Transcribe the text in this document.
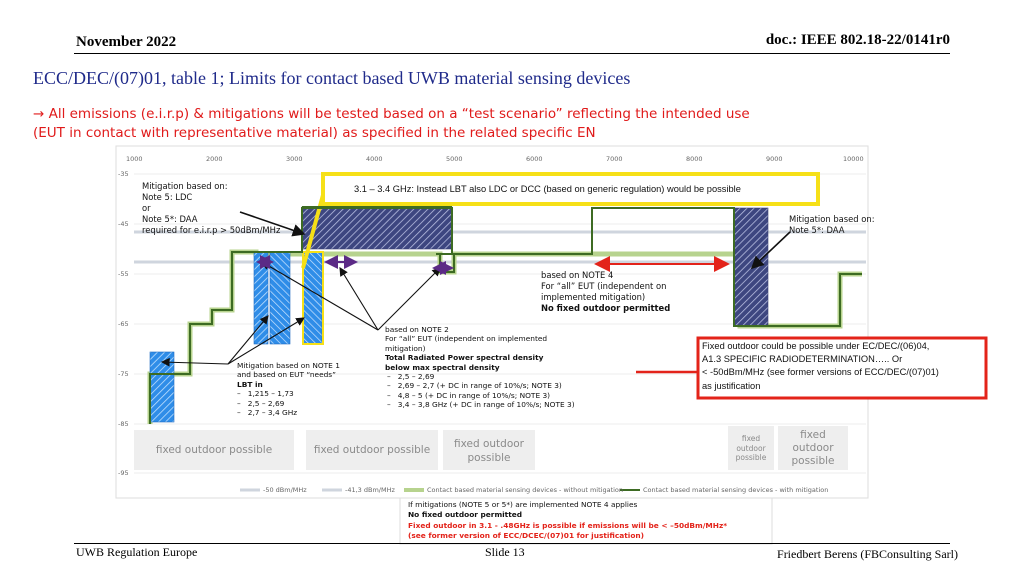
November 2022	doc.: IEEE 802.18-22/0141r0
ECC/DEC/(07)01, table 1; Limits for contact based UWB material sensing devices
→ All emissions (e.i.r.p) & mitigations will be tested based on a “test scenario” reflecting the intended use
(EUT in contact with representative material) as specified in the related specific EN
1000	2000	3000	4000	5000	6000	7000	8000	9000	10000
-35
-45
-55
-65
-75
-85
-95
-50 dBm/MHz	-41,3 dBm/MHz	Contact based material sensing devices - without mitigation	Contact based material sensing devices - with mitigation
Mitigation based on:
Note 5: LDC
or
Note 5*: DAA
required for e.i.r.p > 50dBm/MHz
3.1 – 3.4 GHz: Instead LBT also LDC or DCC (based on generic regulation) would be possible
Mitigation based on:
Note 5*: DAA
based on NOTE 4
For “all” EUT (independent on
implemented mitigation)
No fixed outdoor permitted
based on NOTE 2
For “all” EUT (independent on implemented
mitigation)
Total Radiated Power spectral density
below max spectral density
–   2,5 – 2,69
–   2,69 – 2,7 (+ DC in range of 10%/s; NOTE 3)
–   4,8 – 5 (+ DC in range of 10%/s; NOTE 3)
–   3,4 – 3,8 GHz (+ DC in range of 10%/s; NOTE 3)
Mitigation based on NOTE 1
and based on EUT “needs”
LBT in
–   1,215 – 1,73
–   2,5 – 2,69
–   2,7 – 3,4 GHz
Fixed outdoor could be possible under EC/DEC/(06)04,
A1.3 SPECIFIC RADIODETERMINATION….. Or
< -50dBm/MHz (see former versions of ECC/DEC/(07)01)
as justification
fixed outdoor possible	fixed outdoor possible	fixed outdoor
possible
fixed
outdoor
possible
fixed
outdoor
possible
If mitigations (NOTE 5 or 5*) are implemented NOTE 4 applies
No fixed outdoor permitted
Fixed outdoor in 3.1 - .48GHz is possible if emissions will be < –50dBm/MHz*
(see former version of ECC/DCEC/(07)01 for justification)
UWB Regulation Europe	Slide 13	Friedbert Berens (FBConsulting Sarl)
